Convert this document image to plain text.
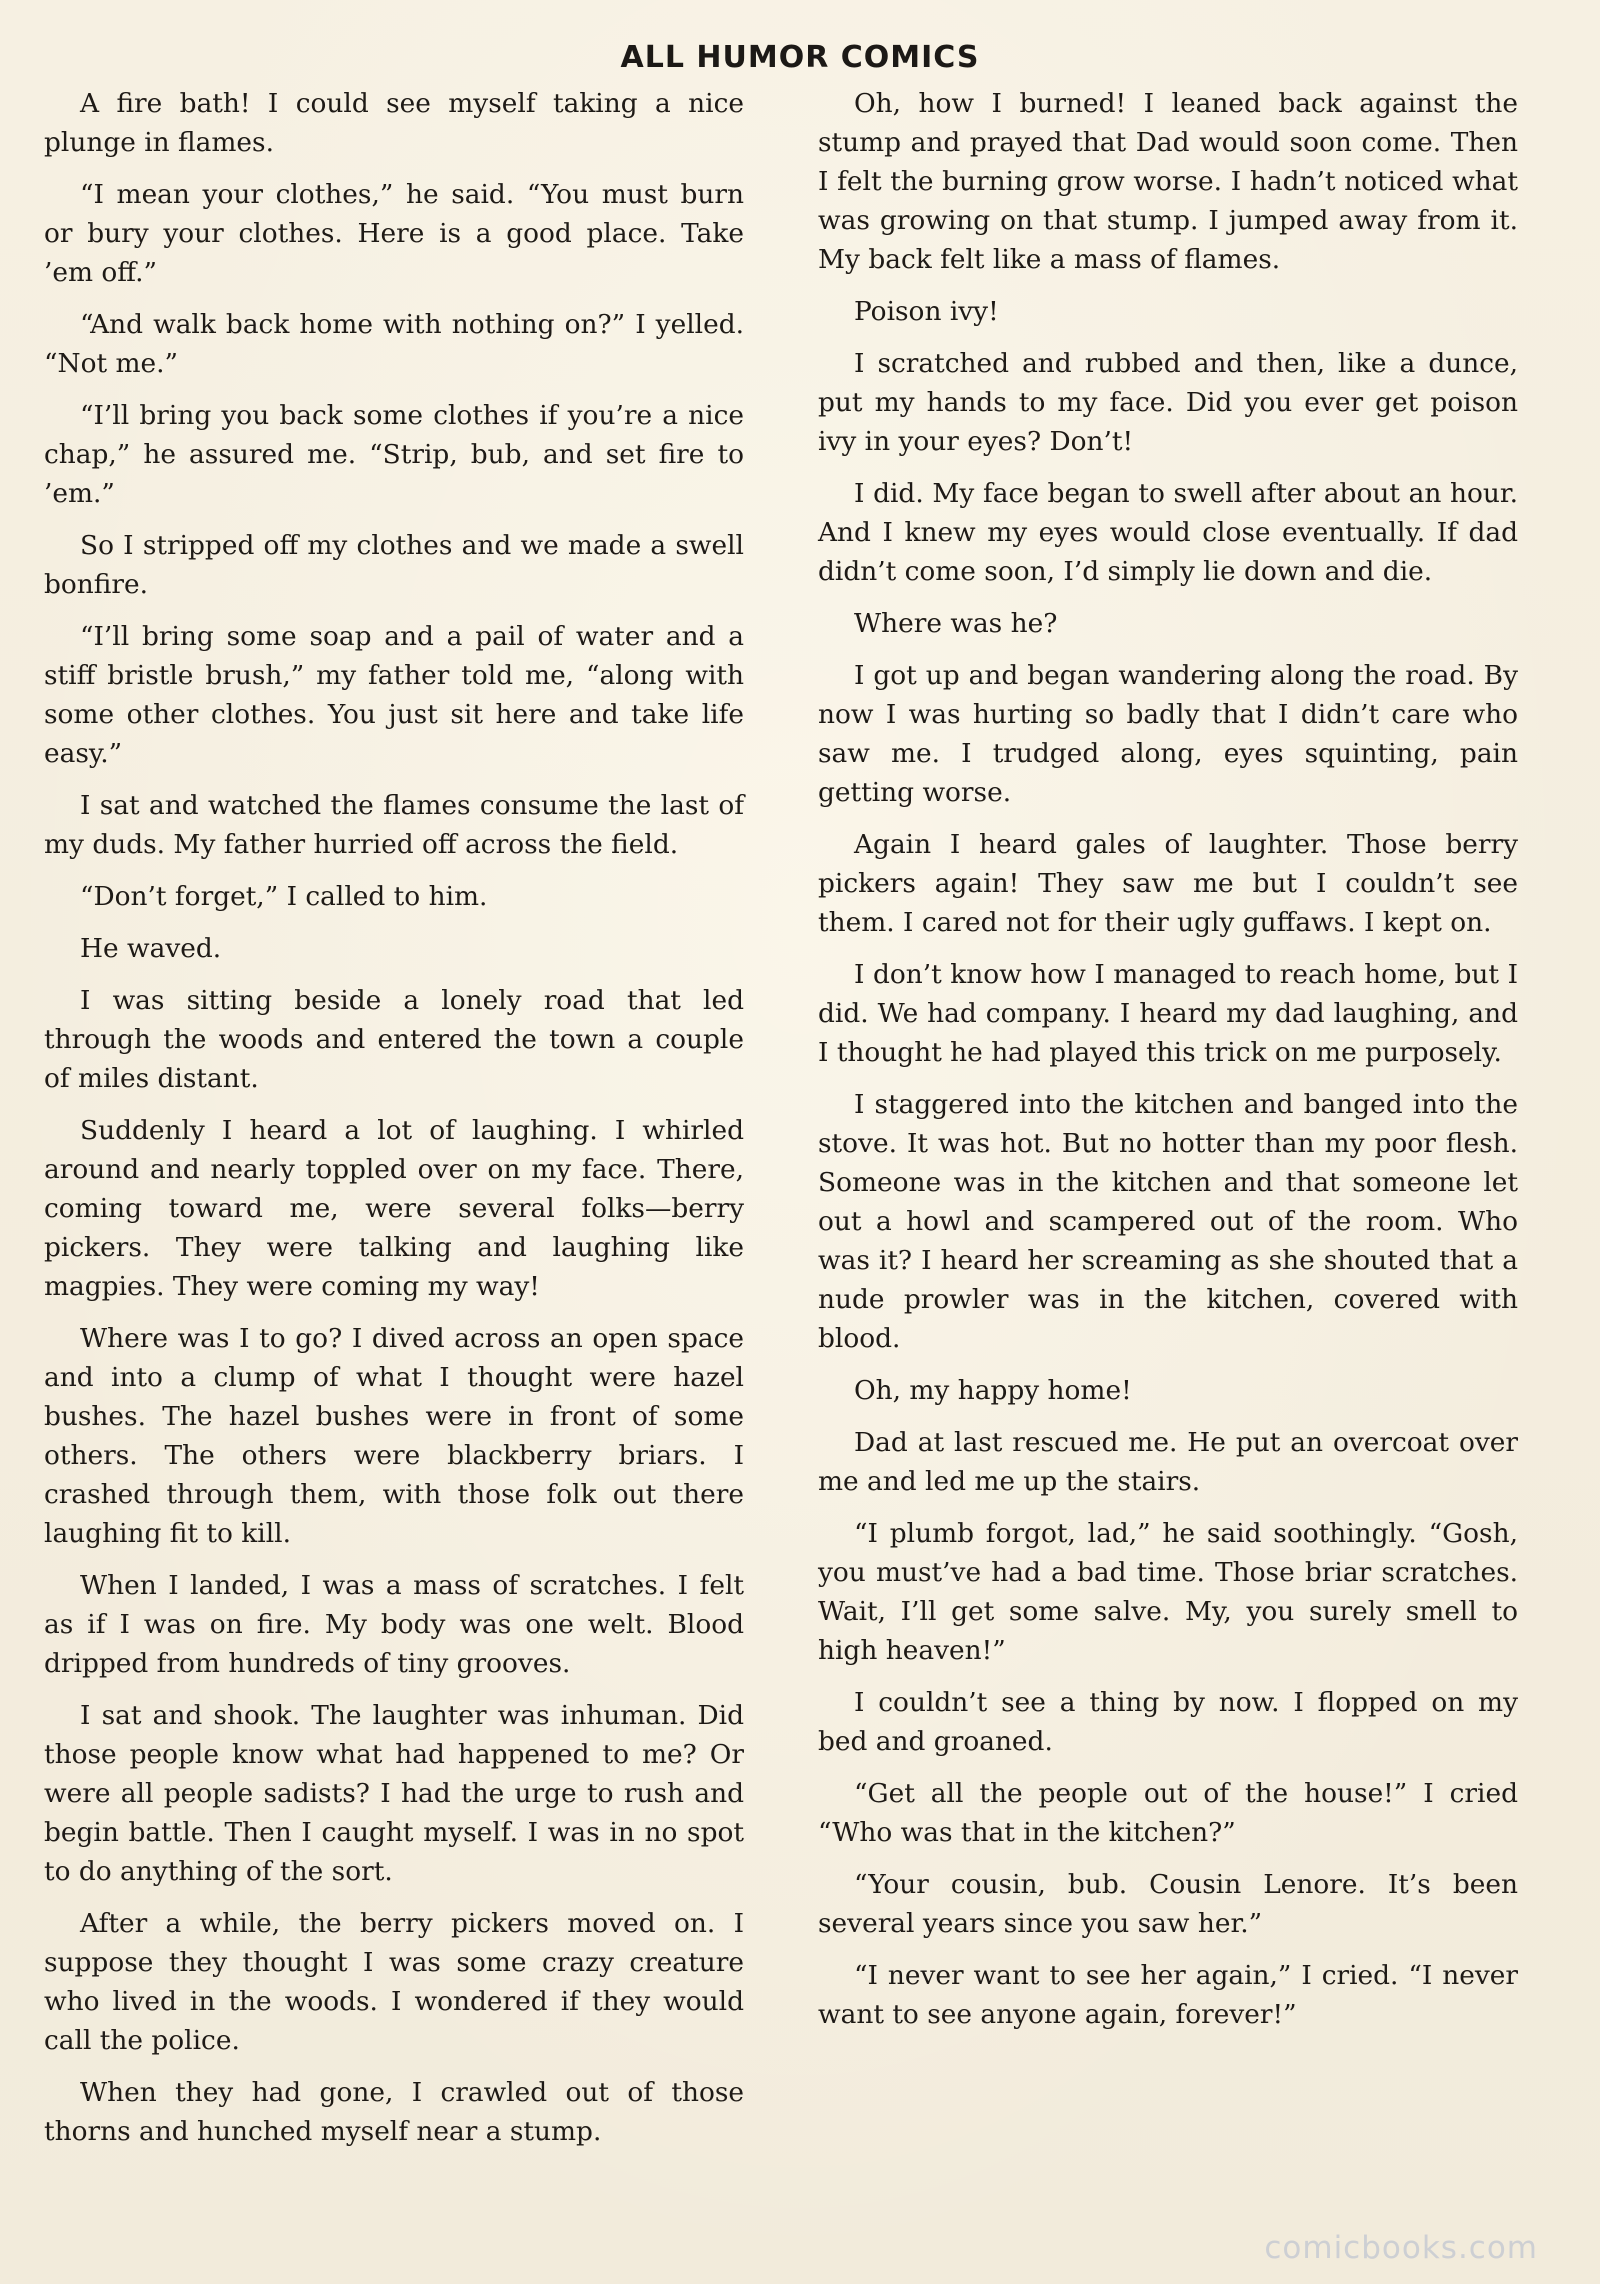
ALL HUMOR COMICS

A fire bath! I could see myself taking a nice plunge in flames.

“I mean your clothes,” he said. “You must burn or bury your clothes. Here is a good place. Take ’em off.”

“And walk back home with nothing on?” I yelled. “Not me.”

“I’ll bring you back some clothes if you’re a nice chap,” he assured me. “Strip, bub, and set fire to ’em.”

So I stripped off my clothes and we made a swell bonfire.

“I’ll bring some soap and a pail of water and a stiff bristle brush,” my father told me, “along with some other clothes. You just sit here and take life easy.”

I sat and watched the flames consume the last of my duds. My father hurried off across the field.

“Don’t forget,” I called to him.

He waved.

I was sitting beside a lonely road that led through the woods and entered the town a couple of miles distant.

Suddenly I heard a lot of laughing. I whirled around and nearly toppled over on my face. There, coming toward me, were several folks—berry pickers. They were talking and laughing like magpies. They were coming my way!

Where was I to go? I dived across an open space and into a clump of what I thought were hazel bushes. The hazel bushes were in front of some others. The others were blackberry briars. I crashed through them, with those folk out there laughing fit to kill.

When I landed, I was a mass of scratches. I felt as if I was on fire. My body was one welt. Blood dripped from hundreds of tiny grooves.

I sat and shook. The laughter was inhuman. Did those people know what had happened to me? Or were all people sadists? I had the urge to rush and begin battle. Then I caught myself. I was in no spot to do anything of the sort.

After a while, the berry pickers moved on. I suppose they thought I was some crazy creature who lived in the woods. I wondered if they would call the police.

When they had gone, I crawled out of those thorns and hunched myself near a stump.

Oh, how I burned! I leaned back against the stump and prayed that Dad would soon come. Then I felt the burning grow worse. I hadn’t noticed what was growing on that stump. I jumped away from it. My back felt like a mass of flames.

Poison ivy!

I scratched and rubbed and then, like a dunce, put my hands to my face. Did you ever get poison ivy in your eyes? Don’t!

I did. My face began to swell after about an hour. And I knew my eyes would close eventually. If dad didn’t come soon, I’d simply lie down and die.

Where was he?

I got up and began wandering along the road. By now I was hurting so badly that I didn’t care who saw me. I trudged along, eyes squinting, pain getting worse.

Again I heard gales of laughter. Those berry pickers again! They saw me but I couldn’t see them. I cared not for their ugly guffaws. I kept on.

I don’t know how I managed to reach home, but I did. We had company. I heard my dad laughing, and I thought he had played this trick on me purposely.

I staggered into the kitchen and banged into the stove. It was hot. But no hotter than my poor flesh. Someone was in the kitchen and that someone let out a howl and scampered out of the room. Who was it? I heard her screaming as she shouted that a nude prowler was in the kitchen, covered with blood.

Oh, my happy home!

Dad at last rescued me. He put an overcoat over me and led me up the stairs.

“I plumb forgot, lad,” he said soothingly. “Gosh, you must’ve had a bad time. Those briar scratches. Wait, I’ll get some salve. My, you surely smell to high heaven!”

I couldn’t see a thing by now. I flopped on my bed and groaned.

“Get all the people out of the house!” I cried “Who was that in the kitchen?”

“Your cousin, bub. Cousin Lenore. It’s been several years since you saw her.”

“I never want to see her again,” I cried. “I never want to see anyone again, forever!”

comicbooks.com
